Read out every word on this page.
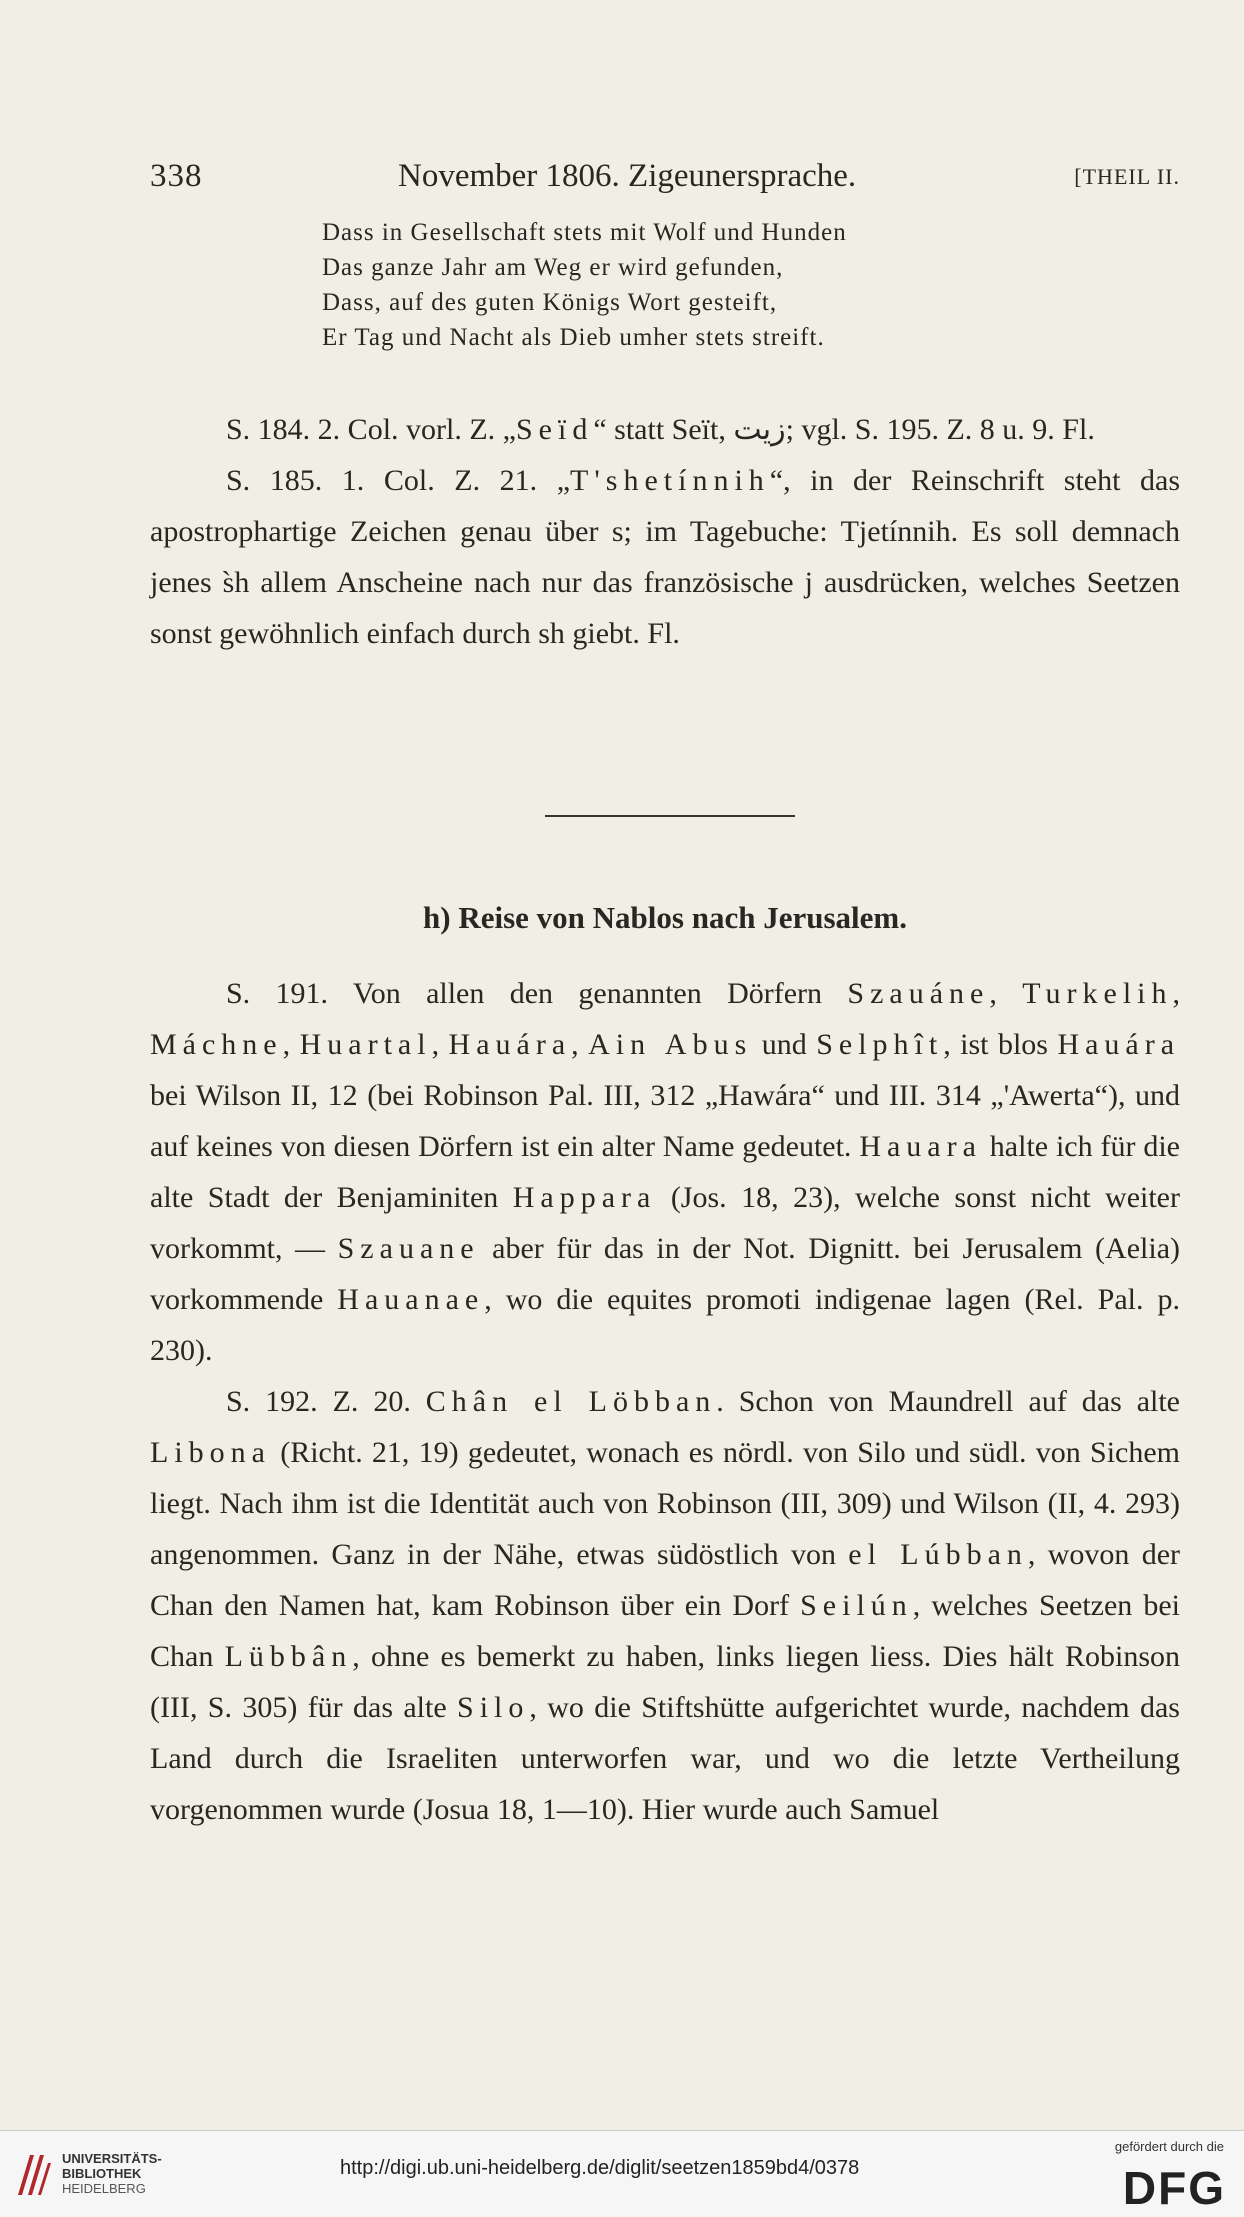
338	November 1806. Zigeunersprache.	[THEIL II.
Dass in Gesellschaft stets mit Wolf und Hunden
Das ganze Jahr am Weg er wird gefunden,
Dass, auf des guten Königs Wort gesteift,
Er Tag und Nacht als Dieb umher stets streift.

S. 184. 2. Col. vorl. Z. „Seïd“ statt Seït, زيت; vgl. S. 195. Z. 8 u. 9. Fl.

S. 185. 1. Col. Z. 21. „T'shetínnih“, in der Reinschrift steht das apostrophartige Zeichen genau über s; im Tagebuche: Tjetínnih. Es soll demnach jenes s̀h allem Anscheine nach nur das französische j ausdrücken, welches Seetzen sonst gewöhnlich einfach durch sh giebt. Fl.

h) Reise von Nablos nach Jerusalem.

S. 191. Von allen den genannten Dörfern Szauáne, Turkelih, Máchne, Huartal, Hauára, Ain Abus und Selphît, ist blos Hauára bei Wilson II, 12 (bei Robinson Pal. III, 312 „Hawára“ und III. 314 „'Awerta“), und auf keines von diesen Dörfern ist ein alter Name gedeutet. Hauara halte ich für die alte Stadt der Benjaminiten Happara (Jos. 18, 23), welche sonst nicht weiter vorkommt, — Szauane aber für das in der Not. Dignitt. bei Jerusalem (Aelia) vorkommende Hauanae, wo die equites promoti indigenae lagen (Rel. Pal. p. 230).

S. 192. Z. 20. Chân el Löbban. Schon von Maundrell auf das alte Libona (Richt. 21, 19) gedeutet, wonach es nördl. von Silo und südl. von Sichem liegt. Nach ihm ist die Identität auch von Robinson (III, 309) und Wilson (II, 4. 293) angenommen. Ganz in der Nähe, etwas südöstlich von el Lúbban, wovon der Chan den Namen hat, kam Robinson über ein Dorf Seilún, welches Seetzen bei Chan Lübbân, ohne es bemerkt zu haben, links liegen liess. Dies hält Robinson (III, S. 305) für das alte Silo, wo die Stiftshütte aufgerichtet wurde, nachdem das Land durch die Israeliten unterworfen war, und wo die letzte Vertheilung vorgenommen wurde (Josua 18, 1—10). Hier wurde auch Samuel

UNIVERSITÄTS-
BIBLIOTHEK
HEIDELBERG
http://digi.ub.uni-heidelberg.de/diglit/seetzen1859bd4/0378
gefördert durch die
DFG
